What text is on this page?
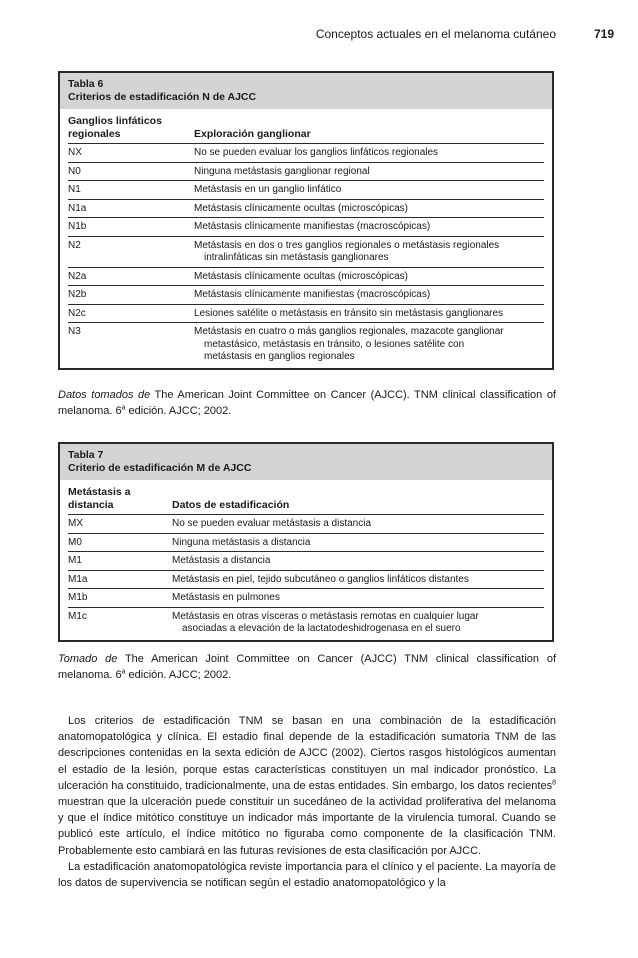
Conceptos actuales en el melanoma cutáneo	719
Tabla 6
Criterios de estadificación N de AJCC
Ganglios linfáticos
regionales	Exploración ganglionar
NX	No se pueden evaluar los ganglios linfáticos regionales
N0	Ninguna metástasis ganglionar regional
N1	Metástasis en un ganglio linfático
N1a	Metástasis clínicamente ocultas (microscópicas)
N1b	Metástasis clínicamente manifiestas (macroscópicas)
N2	Metástasis en dos o tres ganglios regionales o metástasis regionales
intralinfáticas sin metástasis ganglionares
N2a	Metástasis clínicamente ocultas (microscópicas)
N2b	Metástasis clínicamente manifiestas (macroscópicas)
N2c	Lesiones satélite o metástasis en tránsito sin metástasis ganglionares
N3	Metástasis en cuatro o más ganglios regionales, mazacote ganglionar
metastásico, metástasis en tránsito, o lesiones satélite con
metástasis en ganglios regionales
Datos tomados de The American Joint Committee on Cancer (AJCC). TNM clinical classification of melanoma. 6$^a$ edición. AJCC; 2002.
Tabla 7
Criterio de estadificación M de AJCC
Metástasis a
distancia	Datos de estadificación
MX	No se pueden evaluar metástasis a distancia
M0	Ninguna metástasis a distancia
M1	Metástasis a distancia
M1a	Metástasis en piel, tejido subcutáneo o ganglios linfáticos distantes
M1b	Metástasis en pulmones
M1c	Metástasis en otras vísceras o metástasis remotas en cualquier lugar
asociadas a elevación de la lactatodeshidrogenasa en el suero
Tomado de The American Joint Committee on Cancer (AJCC) TNM clinical classification of melanoma. 6$^a$ edición. AJCC; 2002.

Los criterios de estadificación TNM se basan en una combinación de la estadificación anatomopatológica y clínica. El estadio final depende de la estadificación sumatoria TNM de las descripciones contenidas en la sexta edición de AJCC (2002). Ciertos rasgos histológicos aumentan el estadio de la lesión, porque estas características constituyen un mal indicador pronóstico. La ulceración ha constituido, tradicionalmente, una de estas entidades. Sin embargo, los datos recientes$^8$ muestran que la ulceración puede constituir un sucedáneo de la actividad proliferativa del melanoma y que el índice mitótico constituye un indicador más importante de la virulencia tumoral. Cuando se publicó este artículo, el índice mitótico no figuraba como componente de la clasificación TNM. Probablemente esto cambiará en las futuras revisiones de esta clasificación por AJCC.

La estadificación anatomopatológica reviste importancia para el clínico y el paciente. La mayoría de los datos de supervivencia se notifican según el estadio anatomopatológico y la
